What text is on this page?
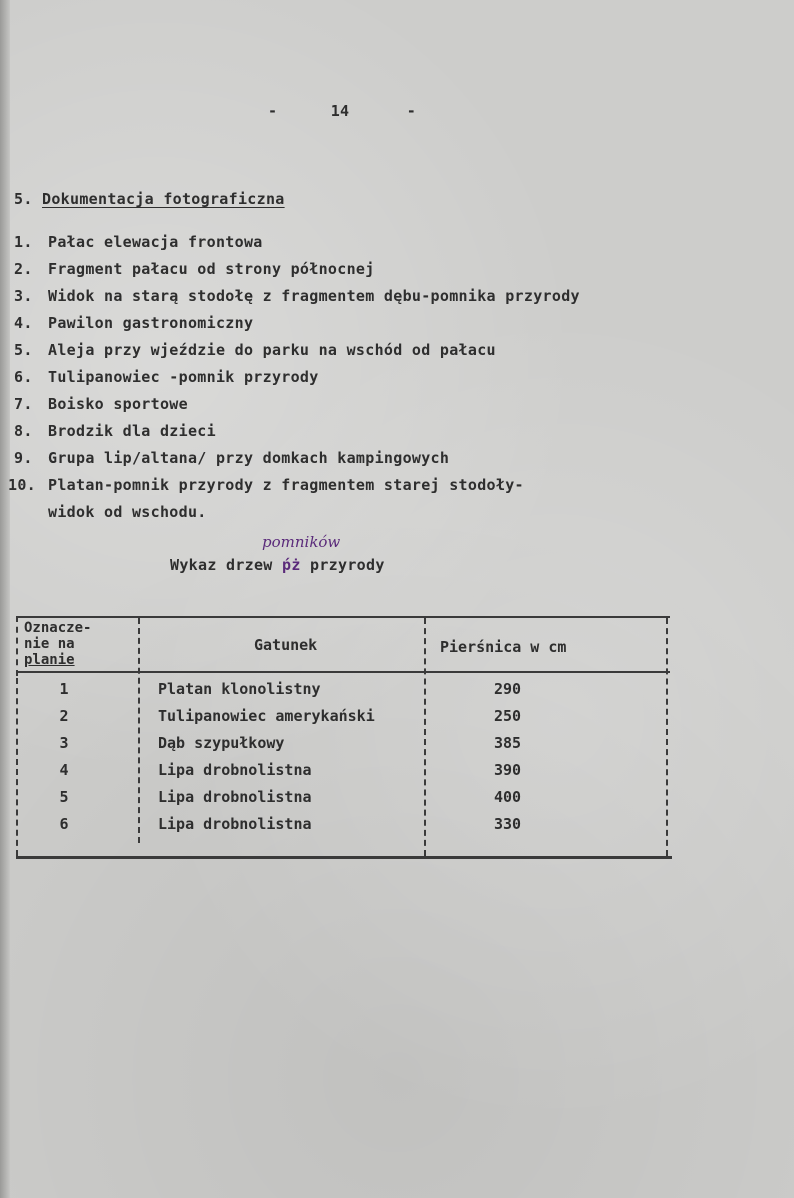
-	14	-
5. Dokumentacja fotograficzna
1. Pałac elewacja frontowa
2. Fragment pałacu od strony północnej
3. Widok na starą stodołę z fragmentem dębu-pomnika przyrody
4. Pawilon gastronomiczny
5. Aleja przy wjeździe do parku na wschód od pałacu
6. Tulipanowiec -pomnik przyrody
7. Boisko sportowe
8. Brodzik dla dzieci
9. Grupa lip/altana/ przy domkach kampingowych
10. Platan-pomnik przyrody z fragmentem starej stodoły-
widok od wschodu.
pomników
Wykaz drzew ṕż przyrody
Oznacze-
nie na
planie
Gatunek	Pierśnica w cm
1	Platan klonolistny	290
2	Tulipanowiec amerykański	250
3	Dąb szypułkowy	385
4	Lipa drobnolistna	390
5	Lipa drobnolistna	400
6	Lipa drobnolistna	330
